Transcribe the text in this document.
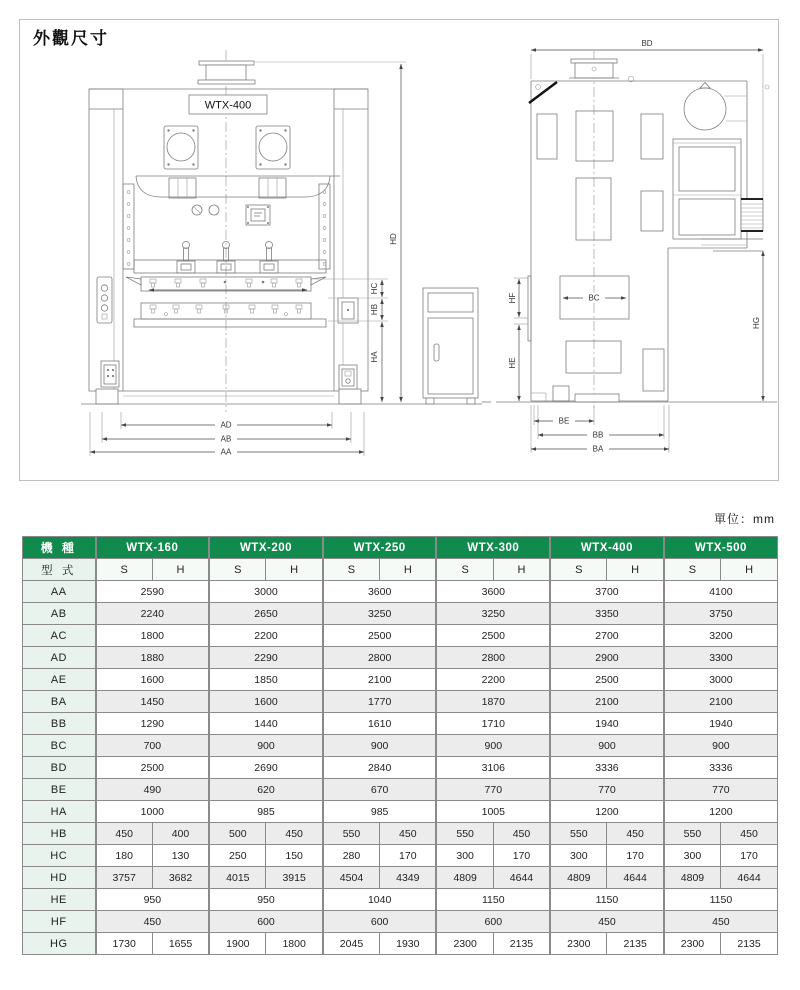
外觀尺寸
WTX-400
HD
HC
HB
HA
AD
AB
AA
BC
BD
HF
HE
HG
BE
BB
BA
單位：mm
機 種	WTX-160		WTX-200		WTX-250		WTX-300		WTX-400		WTX-500	
型 式	S	H	S	H	S	H	S	H	S	H	S	H
AA	2590		3000		3600		3600		3700		4100	
AB	2240		2650		3250		3250		3350		3750	
AC	1800		2200		2500		2500		2700		3200	
AD	1880		2290		2800		2800		2900		3300	
AE	1600		1850		2100		2200		2500		3000	
BA	1450		1600		1770		1870		2100		2100	
BB	1290		1440		1610		1710		1940		1940	
BC	700		900		900		900		900		900	
BD	2500		2690		2840		3106		3336		3336	
BE	490		620		670		770		770		770	
HA	1000		985		985		1005		1200		1200	
HB	450	400	500	450	550	450	550	450	550	450	550	450
HC	180	130	250	150	280	170	300	170	300	170	300	170
HD	3757	3682	4015	3915	4504	4349	4809	4644	4809	4644	4809	4644
HE	950		950		1040		1150		1150		1150	
HF	450		600		600		600		450		450	
HG	1730	1655	1900	1800	2045	1930	2300	2135	2300	2135	2300	2135
